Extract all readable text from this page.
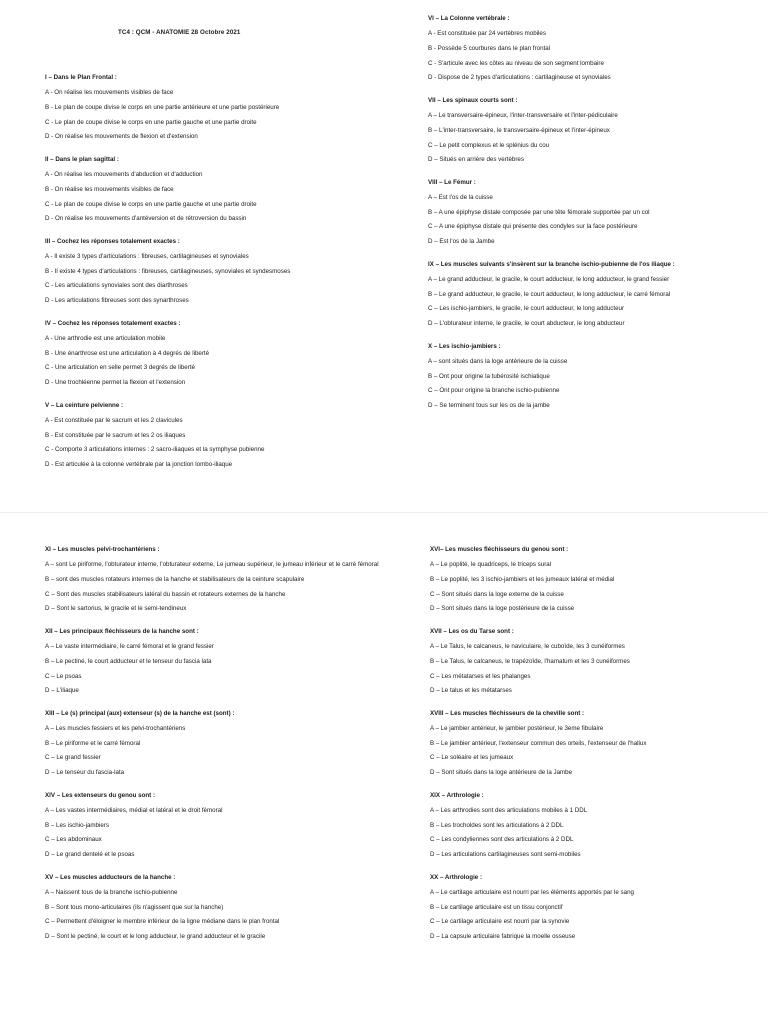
TC4 : QCM - ANATOMIE 28 Octobre 2021
I – Dans le Plan Frontal :
A - On réalise les mouvements visibles de face
B - Le plan de coupe divise le corps en une partie antérieure et une partie postérieure
C - Le plan de coupe divise le corps en une partie gauche et une partie droite
D - On réalise les mouvements de flexion et d'extension
II – Dans le plan sagittal :
A - On réalise les mouvements d'abduction et d'adduction
B - On réalise les mouvements visibles de face
C - Le plan de coupe divise le corps en une partie gauche et une partie droite
D - On réalise les mouvements d'antéversion et de rétroversion du bassin
III – Cochez les réponses totalement exactes :
A - Il existe 3 types d'articulations : fibreuses, cartilagineuses et synoviales
B - Il existe 4 types d'articulations : fibreuses, cartilagineuses, synoviales et syndesmoses
C - Les articulations synoviales sont des diarthroses
D - Les articulations fibreuses sont des synarthroses
IV – Cochez les réponses totalement exactes :
A - Une arthrodie est une articulation mobile
B - Une énarthrose est une articulation à 4 degrés de liberté
C - Une articulation en selle permet 3 degrés de liberté
D - Une trochléenne permet la flexion et l'extension
V – La ceinture pelvienne :
A - Est constituée par le sacrum et les 2 clavicules
B - Est constituée par le sacrum et les 2 os iliaques
C - Comporte 3 articulations internes : 2 sacro-iliaques et la symphyse pubienne
D - Est articulée à la colonne vertébrale par la jonction lombo-iliaque
VI – La Colonne vertébrale :
A - Est constituée par 24 vertèbres mobiles
B - Possède 5 courbures dans le plan frontal
C - S'articule avec les côtes au niveau de son segment lombaire
D - Dispose de 2 types d'articulations : cartilagineuse et synoviales
VII – Les spinaux courts sont :
A – Le transversaire-épineux, l'inter-transversaire et l'inter-pédiculaire
B – L'inter-transversaire, le transversaire-épineux et l'inter-épineux
C – Le petit complexus et le splénius du cou
D – Situés en arrière des vertèbres
VIII – Le Fémur :
A – Est l'os de la cuisse
B – A une épiphyse distale composée par une tête fémorale supportée par un col
C – A une épiphyse distale qui présente des condyles sur la face postérieure
D – Est l'os de la Jambe
IX – Les muscles suivants s'insèrent sur la branche ischio-pubienne de l'os iliaque :
A – Le grand adducteur, le gracile, le court adducteur, le long adducteur, le grand fessier
B – Le grand adducteur, le gracile, le court adducteur, le long adducteur, le carré fémoral
C – Les ischio-jambiers, le gracile, le court adducteur, le long adducteur
D – L'obturateur interne, le gracile, le court abducteur, le long abducteur
X – Les ischio-jambiers :
A – sont situés dans la loge antérieure de la cuisse
B – Ont pour origine la tubérosité ischiatique
C – Ont pour origine la branche ischio-pubienne
D – Se terminent tous sur les os de la jambe
XI – Les muscles pelvi-trochantériens :
A – sont Le piriforme, l'obturateur interne, l'obturateur externe, Le jumeau supérieur, le jumeau inférieur et le carré fémoral
B – sont des muscles rotateurs internes de la hanche et stabilisateurs de la ceinture scapulaire
C – Sont des muscles stabilisateurs latéral du bassin et rotateurs externes de la hanche
D – Sont le sartorius, le gracile et le semi-tendineux
XII – Les principaux fléchisseurs de la hanche sont :
A – Le vaste intermédiaire, le carré fémoral et le grand fessier
B – Le pectiné, le court adducteur et le tenseur du fascia lata
C – Le psoas
D – L'iliaque
XIII – Le (s) principal (aux) extenseur (s) de la hanche est (sont) :
A – Les muscles fessiers et les pelvi-trochantériens
B – Le piriforme et le carré fémoral
C – Le grand fessier
D – Le tenseur du fascia-lata
XIV – Les extenseurs du genou sont :
A – Les vastes intermédiaires, médial et latéral et le droit fémoral
B – Les ischio-jambiers
C – Les abdominaux
D – Le grand dentelé et le psoas
XV – Les muscles adducteurs de la hanche :
A – Naissent tous de la branche ischio-pubienne
B – Sont tous mono-articulaires (ils n'agissent que sur la hanche)
C – Permettent d'éloigner le membre inférieur de la ligne médiane dans le plan frontal
D – Sont le pectiné, le court et le long adducteur, le grand adducteur et le gracile
XVI– Les muscles fléchisseurs du genou sont :
A – Le poplité, le quadriceps, le triceps sural
B – Le poplité, les 3 ischio-jambiers et les jumeaux latéral et médial
C – Sont situés dans la loge externe de la cuisse
D – Sont situés dans la loge postérieure de la cuisse
XVII – Les os du Tarse sont :
A – Le Talus, le calcaneus, le naviculaire, le cuboïde, les 3 cunéiformes
B – Le Talus, le calcaneus, le trapézoïde, l'hamatum et les 3 cunéiformes
C – Les métatarses et les phalanges
D – Le talus et les métatarses
XVIII – Les muscles fléchisseurs de la cheville sont :
A – Le jambier antérieur, le jambier postérieur, le 3eme fibulaire
B – Le jambier antérieur, l'extenseur commun des orteils, l'extenseur de l'hallux
C – Le soléaire et les jumeaux
D – Sont situés dans la loge antérieure de la Jambe
XIX – Arthrologie :
A – Les arthrodies sont des articulations mobiles à 1 DDL
B – Les trocholdes sont les articulations à 2 DDL
C – Les condyliennes sont des articulations à 2 DDL
D – Les articulations cartilagineuses sont semi-mobiles
XX – Arthrologie :
A – Le cartilage articulaire est nourri par les éléments apportés par le sang
B – Le cartilage articulaire est un tissu conjonctif
C – Le cartilage articulaire est nourri par la synovie
D – La capsule articulaire fabrique la moelle osseuse
